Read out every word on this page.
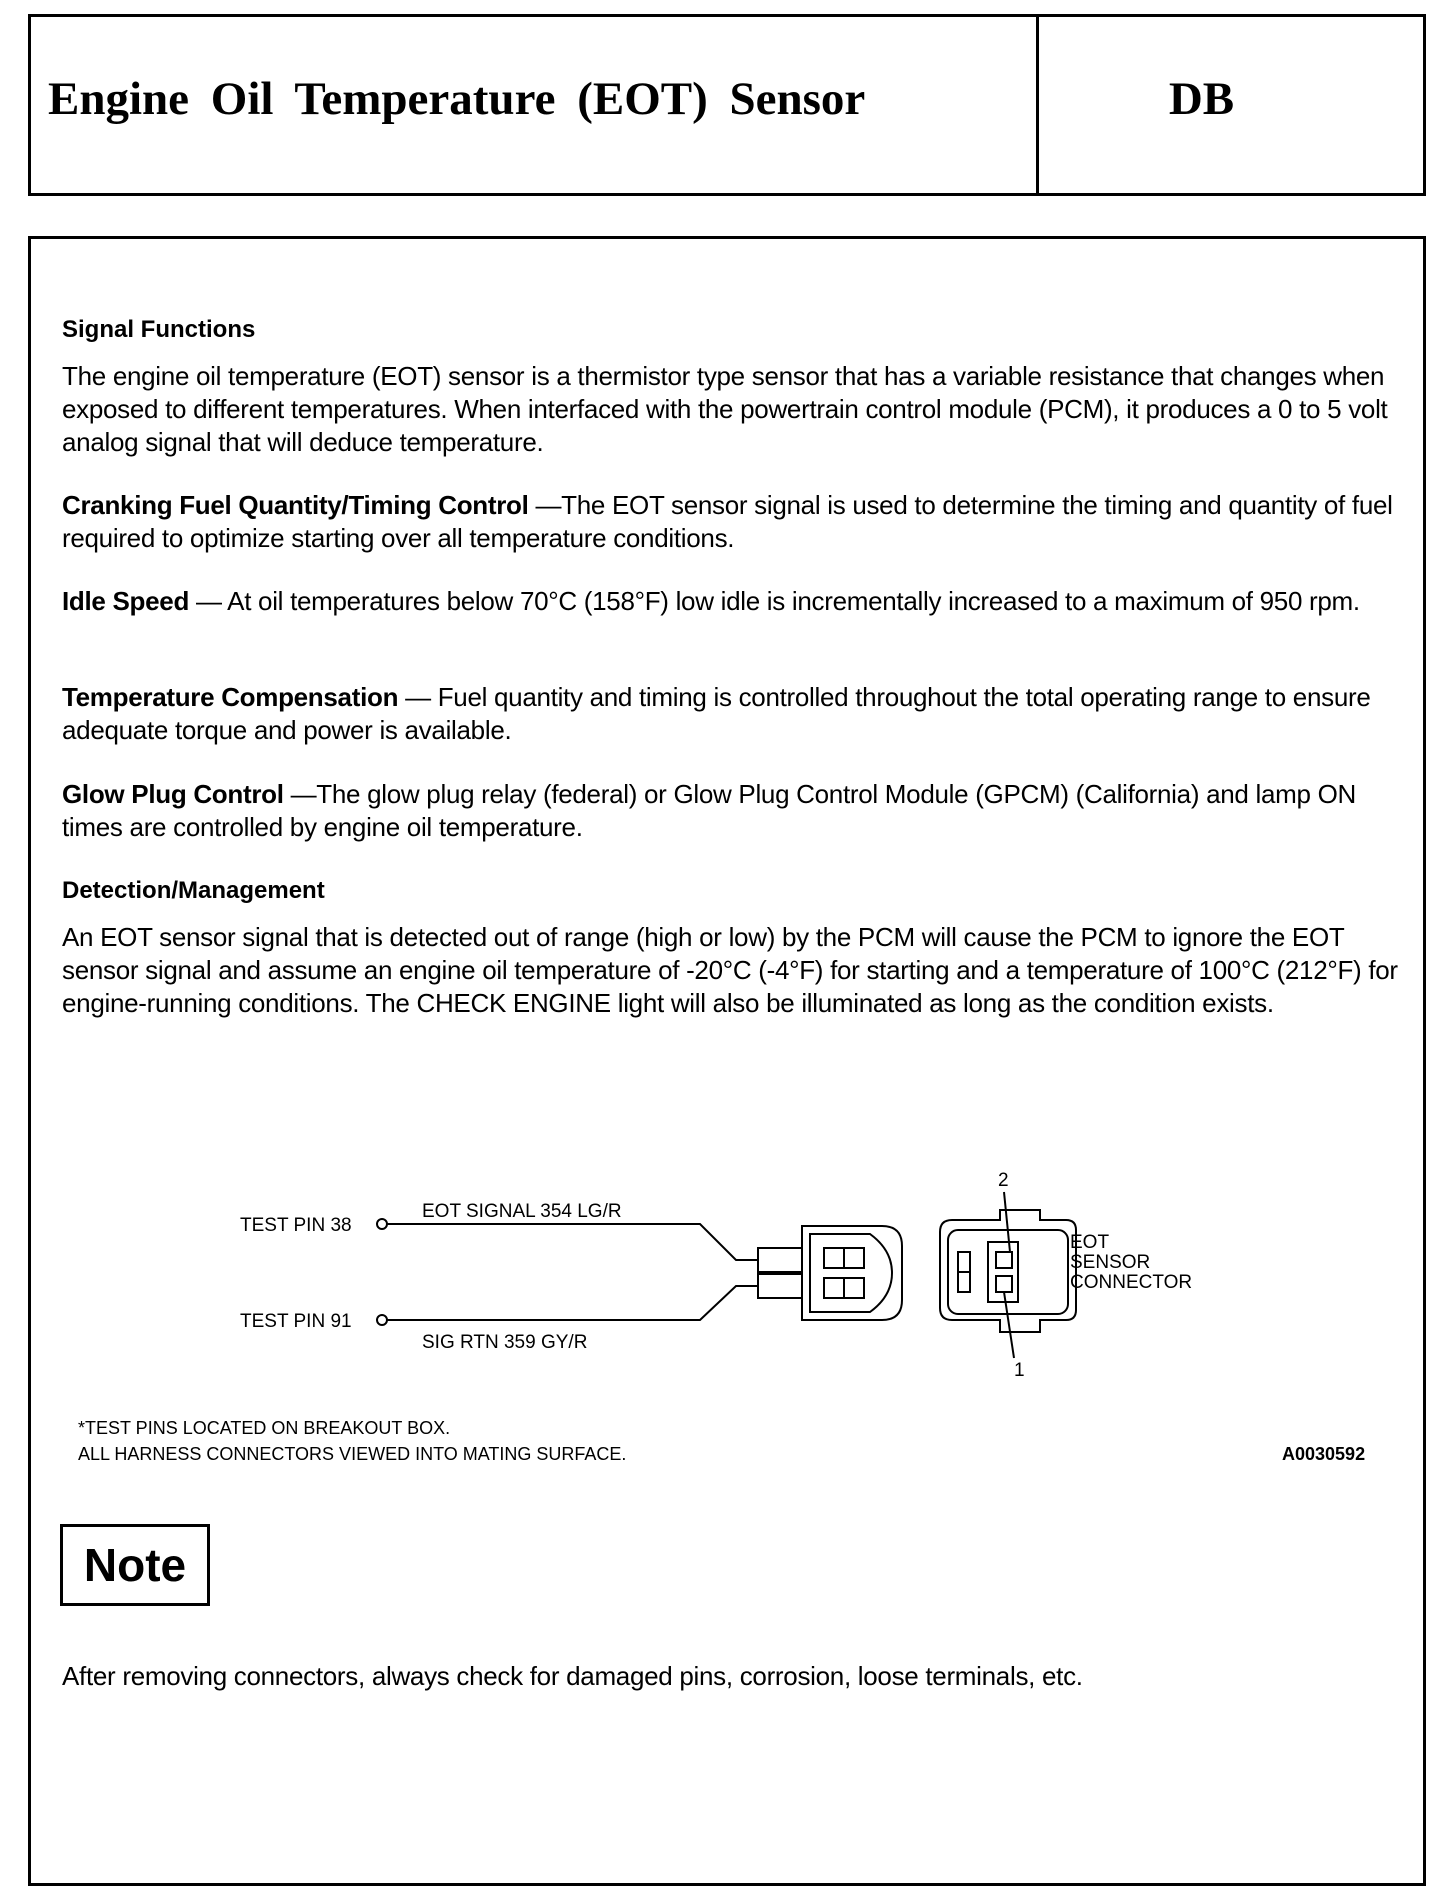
Engine Oil Temperature (EOT) Sensor	DB
Signal Functions
The engine oil temperature (EOT) sensor is a thermistor type sensor that has a variable resistance that changes when exposed to different temperatures. When interfaced with the powertrain control module (PCM), it produces a 0 to 5 volt analog signal that will deduce temperature.
Cranking Fuel Quantity/Timing Control —The EOT sensor signal is used to determine the timing and quantity of fuel required to optimize starting over all temperature conditions.
Idle Speed — At oil temperatures below 70°C (158°F) low idle is incrementally increased to a maximum of 950 rpm.
Temperature Compensation — Fuel quantity and timing is controlled throughout the total operating range to ensure adequate torque and power is available.
Glow Plug Control —The glow plug relay (federal) or Glow Plug Control Module (GPCM) (California) and lamp ON times are controlled by engine oil temperature.
Detection/Management
An EOT sensor signal that is detected out of range (high or low) by the PCM will cause the PCM to ignore the EOT sensor signal and assume an engine oil temperature of -20°C (-4°F) for starting and a temperature of 100°C (212°F) for engine-running conditions. The CHECK ENGINE light will also be illuminated as long as the condition exists.
TEST PIN 38
TEST PIN 91
EOT SIGNAL 354 LG/R
SIG RTN 359 GY/R
2
1
EOT
SENSOR
CONNECTOR
*TEST PINS LOCATED ON BREAKOUT BOX.
ALL HARNESS CONNECTORS VIEWED INTO MATING SURFACE.	A0030592
Note
After removing connectors, always check for damaged pins, corrosion, loose terminals, etc.
